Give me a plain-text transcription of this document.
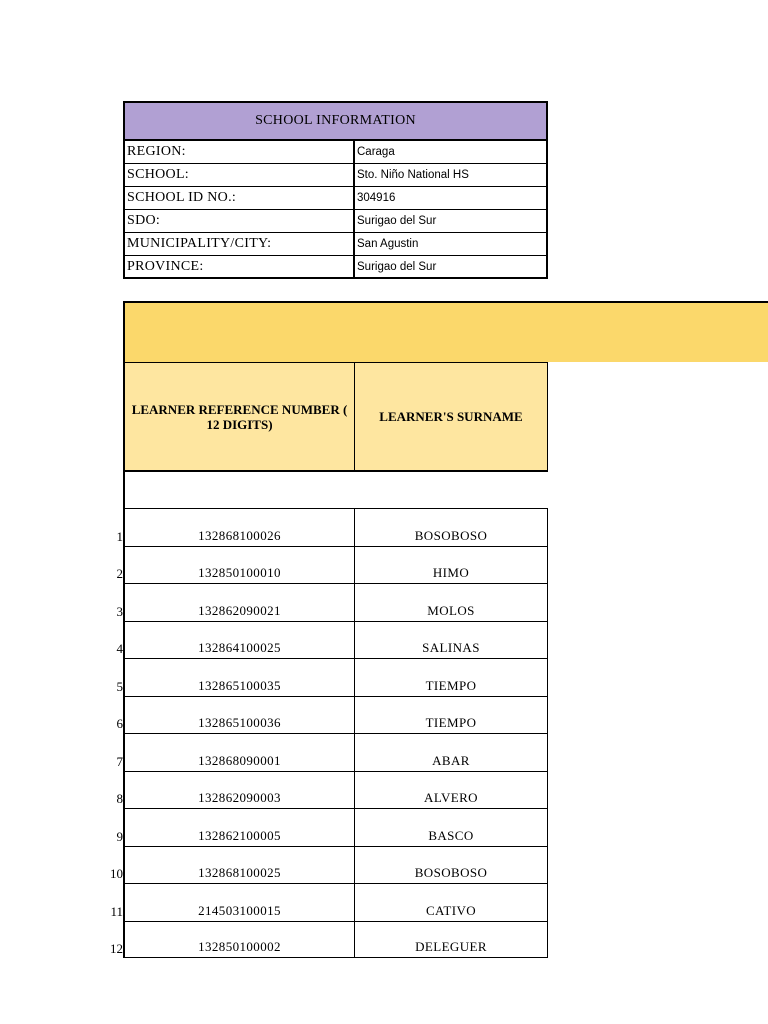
SCHOOL INFORMATION
REGION:	Caraga
SCHOOL:	Sto. Niño National HS
SCHOOL ID NO.:	304916
SDO:	Surigao del Sur
MUNICIPALITY/CITY:	San Agustin
PROVINCE:	Surigao del Sur
LEARNER REFERENCE NUMBER ( 12 DIGITS)	LEARNER'S SURNAME
1	132868100026	BOSOBOSO
2	132850100010	HIMO
3	132862090021	MOLOS
4	132864100025	SALINAS
5	132865100035	TIEMPO
6	132865100036	TIEMPO
7	132868090001	ABAR
8	132862090003	ALVERO
9	132862100005	BASCO
10	132868100025	BOSOBOSO
11	214503100015	CATIVO
12	132850100002	DELEGUER
